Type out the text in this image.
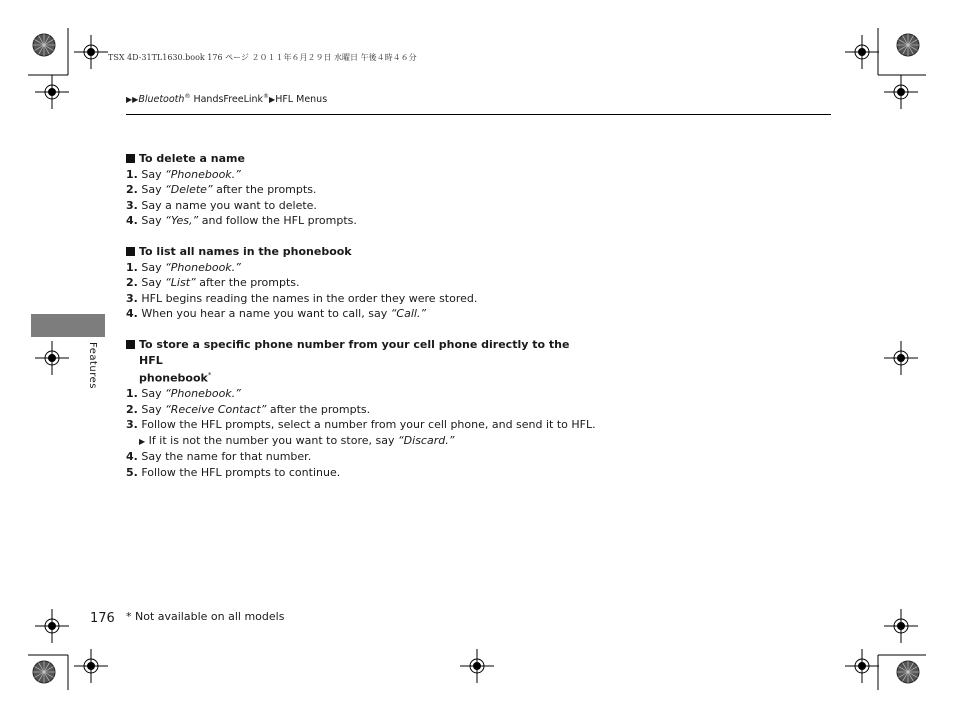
TSX 4D-31TL1630.book 176 ページ ２０１１年６月２９日 水曜日 午後４時４６分
▶▶Bluetooth® HandsFreeLink®▶HFL Menus
Features
To delete a name
1. Say “Phonebook.”
2. Say “Delete” after the prompts.
3. Say a name you want to delete.
4. Say “Yes,” and follow the HFL prompts.
To list all names in the phonebook
1. Say “Phonebook.”
2. Say “List” after the prompts.
3. HFL begins reading the names in the order they were stored.
4. When you hear a name you want to call, say “Call.”
To store a specific phone number from your cell phone directly to the HFL
phonebook*
1. Say “Phonebook.”
2. Say “Receive Contact” after the prompts.
3. Follow the HFL prompts, select a number from your cell phone, and send it to HFL.
▶ If it is not the number you want to store, say “Discard.”
4. Say the name for that number.
5. Follow the HFL prompts to continue.
176 * Not available on all models
